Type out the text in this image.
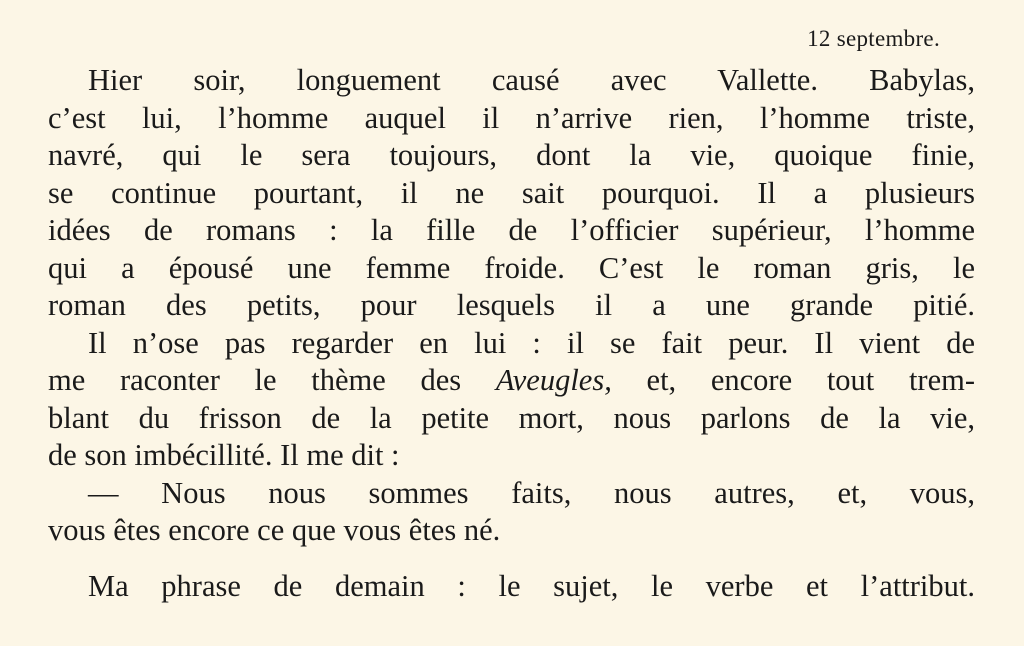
12 septembre.
Hier soir, longuement causé avec Vallette. Babylas,
c’est lui, l’homme auquel il n’arrive rien, l’homme triste,
navré, qui le sera toujours, dont la vie, quoique finie,
se continue pourtant, il ne sait pourquoi. Il a plusieurs
idées de romans : la fille de l’officier supérieur, l’homme
qui a épousé une femme froide. C’est le roman gris, le
roman des petits, pour lesquels il a une grande pitié.
Il n’ose pas regarder en lui : il se fait peur. Il vient de
me raconter le thème des Aveugles, et, encore tout trem-
blant du frisson de la petite mort, nous parlons de la vie,
de son imbécillité. Il me dit :
— Nous nous sommes faits, nous autres, et, vous,
vous êtes encore ce que vous êtes né.
Ma phrase de demain : le sujet, le verbe et l’attribut.
